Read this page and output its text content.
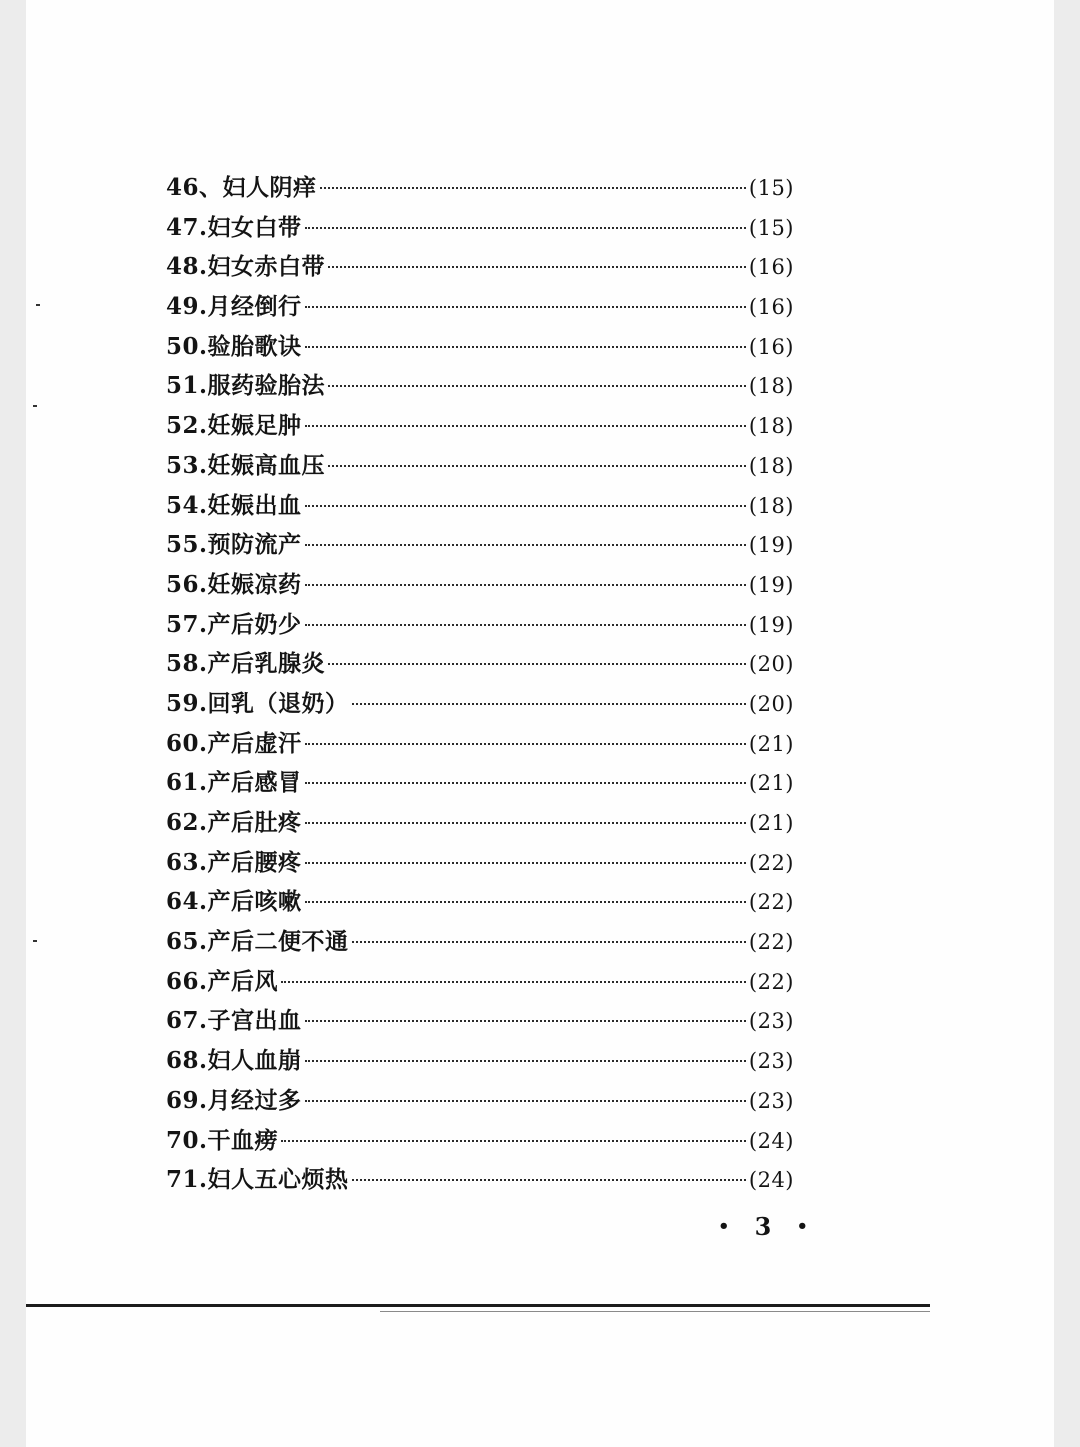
46、妇人阴痒	(15)
47.妇女白带	(15)
48.妇女赤白带	(16)
49.月经倒行	(16)
50.验胎歌诀	(16)
51.服药验胎法	(18)
52.妊娠足肿	(18)
53.妊娠高血压	(18)
54.妊娠出血	(18)
55.预防流产	(19)
56.妊娠凉药	(19)
57.产后奶少	(19)
58.产后乳腺炎	(20)
59.回乳（退奶）	(20)
60.产后虚汗	(21)
61.产后感冒	(21)
62.产后肚疼	(21)
63.产后腰疼	(22)
64.产后咳嗽	(22)
65.产后二便不通	(22)
66.产后风	(22)
67.子宫出血	(23)
68.妇人血崩	(23)
69.月经过多	(23)
70.干血痨	(24)
71.妇人五心烦热	(24)
• 3 •
